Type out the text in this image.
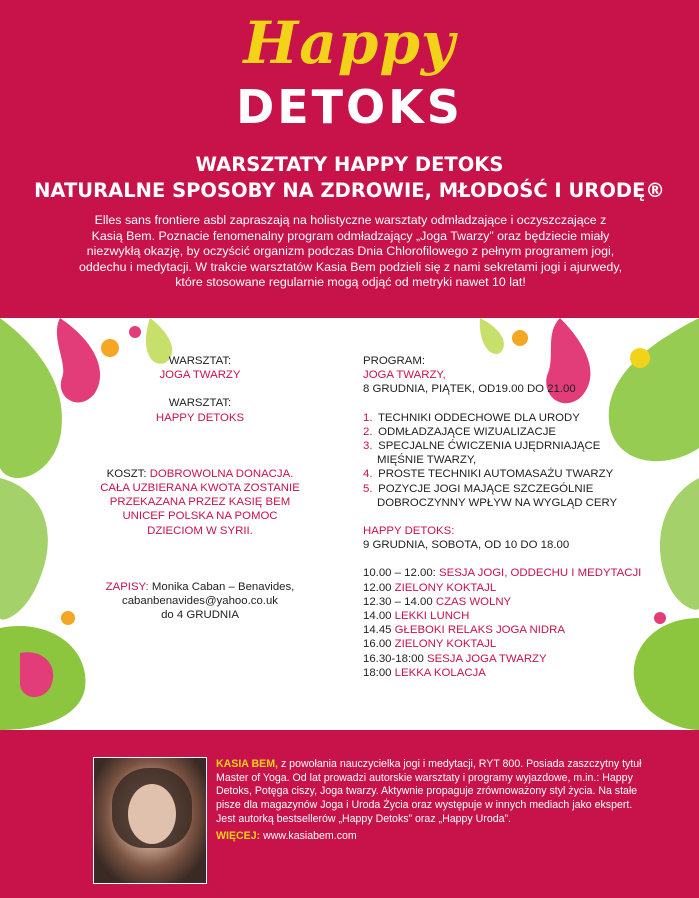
Happy
DETOKS
WARSZTATY HAPPY DETOKS
NATURALNE SPOSOBY NA ZDROWIE, MŁODOŚĆ I URODĘ®

Elles sans frontiere asbl zapraszają na holistyczne warsztaty odmładzające i oczyszczające z Kasią Bem. Poznacie fenomenalny program odmładzający „Joga Twarzy” oraz będziecie miały niezwykłą okazję, by oczyścić organizm podczas Dnia Chlorofilowego z pełnym programem jogi, oddechu i medytacji. W trakcie warsztatów Kasia Bem podzieli się z nami sekretami jogi i ajurwedy, które stosowane regularnie mogą odjąć od metryki nawet 10 lat!

WARSZTAT:

JOGA TWARZY

WARSZTAT:

HAPPY DETOKS

KOSZT: DOBROWOLNA DONACJA.

CAŁA UZBIERANA KWOTA ZOSTANIE

PRZEKAZANA PRZEZ KASIĘ BEM

UNICEF POLSKA NA POMOC

DZIECIOM W SYRII.

ZAPISY: Monika Caban – Benavides,

cabanbenavides@yahoo.co.uk

do 4 GRUDNIA

PROGRAM:

JOGA TWARZY,

8 GRUDNIA, PIĄTEK, OD19.00 DO 21.00

1. TECHNIKI ODDECHOWE DLA URODY

2. ODMŁADZAJĄCE WIZUALIZACJE

3. SPECJALNE ĆWICZENIA UJĘDRNIAJĄCE

MIĘŚNIE TWARZY,

4. PROSTE TECHNIKI AUTOMASAŻU TWARZY

5. POZYCJE JOGI MAJĄCE SZCZEGÓLNIE

DOBROCZYNNY WPŁYW NA WYGLĄD CERY

HAPPY DETOKS:

9 GRUDNIA, SOBOTA, OD 10 DO 18.00

10.00 – 12.00: SESJA JOGI, ODDECHU I MEDYTACJI

12.00 ZIELONY KOKTAJL

12.30 – 14.00 CZAS WOLNY

14.00 LEKKI LUNCH

14.45 GŁEBOKI RELAKS JOGA NIDRA

16.00 ZIELONY KOKTAJL

16.30-18:00 SESJA JOGA TWARZY

18:00 LEKKA KOLACJA

KASIA BEM, z powołania nauczycielka jogi i medytacji, RYT 800. Posiada zaszczytny tytuł Master of Yoga. Od lat prowadzi autorskie warsztaty i programy wyjazdowe, m.in.: Happy Detoks, Potęga ciszy, Joga twarzy. Aktywnie propaguje zrównoważony styl życia. Na stałe pisze dla magazynów Joga i Uroda Życia oraz występuje w innych mediach jako ekspert. Jest autorką bestsellerów „Happy Detoks” oraz „Happy Uroda”.

WIĘCEJ: www.kasiabem.com
